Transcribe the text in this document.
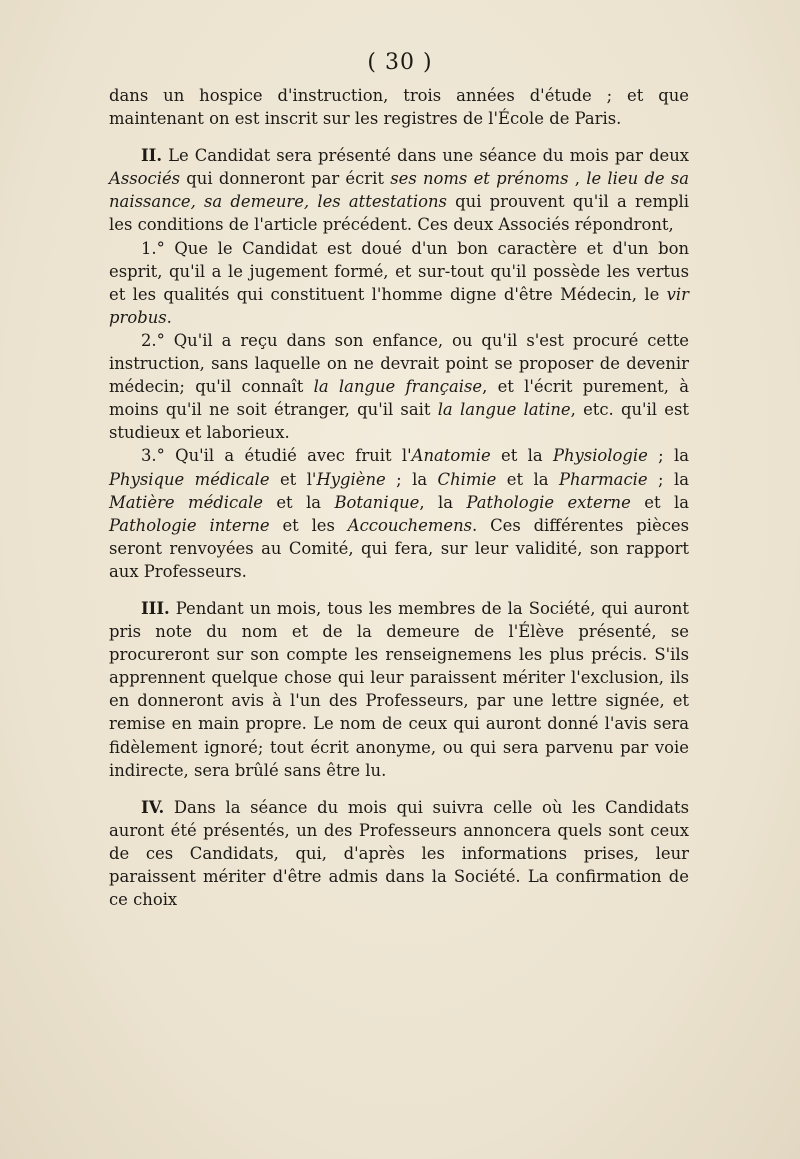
( 30 )

dans un hospice d'instruction, trois années d'étude ; et que maintenant on est inscrit sur les registres de l'École de Paris.

II. Le Candidat sera présenté dans une séance du mois par deux Associés qui donneront par écrit ses noms et prénoms , le lieu de sa naissance, sa demeure, les attestations qui prouvent qu'il a rempli les conditions de l'article précédent. Ces deux Associés répondront,

1.° Que le Candidat est doué d'un bon caractère et d'un bon esprit, qu'il a le jugement formé, et sur-tout qu'il possède les vertus et les qualités qui constituent l'homme digne d'être Médecin, le vir probus.

2.° Qu'il a reçu dans son enfance, ou qu'il s'est procuré cette instruction, sans laquelle on ne devrait point se proposer de devenir médecin; qu'il connaît la langue française, et l'écrit purement, à moins qu'il ne soit étranger, qu'il sait la langue latine, etc. qu'il est studieux et laborieux.

3.° Qu'il a étudié avec fruit l'Anatomie et la Physiologie ; la Physique médicale et l'Hygiène ; la Chimie et la Pharmacie ; la Matière médicale et la Botanique, la Pathologie externe et la Pathologie interne et les Accouchemens. Ces différentes pièces seront renvoyées au Comité, qui fera, sur leur validité, son rapport aux Professeurs.

III. Pendant un mois, tous les membres de la Société, qui auront pris note du nom et de la demeure de l'Élève présenté, se procureront sur son compte les renseignemens les plus précis. S'ils apprennent quelque chose qui leur paraissent mériter l'exclusion, ils en donneront avis à l'un des Professeurs, par une lettre signée, et remise en main propre. Le nom de ceux qui auront donné l'avis sera fidèlement ignoré; tout écrit anonyme, ou qui sera parvenu par voie indirecte, sera brûlé sans être lu.

IV. Dans la séance du mois qui suivra celle où les Candidats auront été présentés, un des Professeurs annoncera quels sont ceux de ces Candidats, qui, d'après les informations prises, leur paraissent mériter d'être admis dans la Société. La confirmation de ce choix
